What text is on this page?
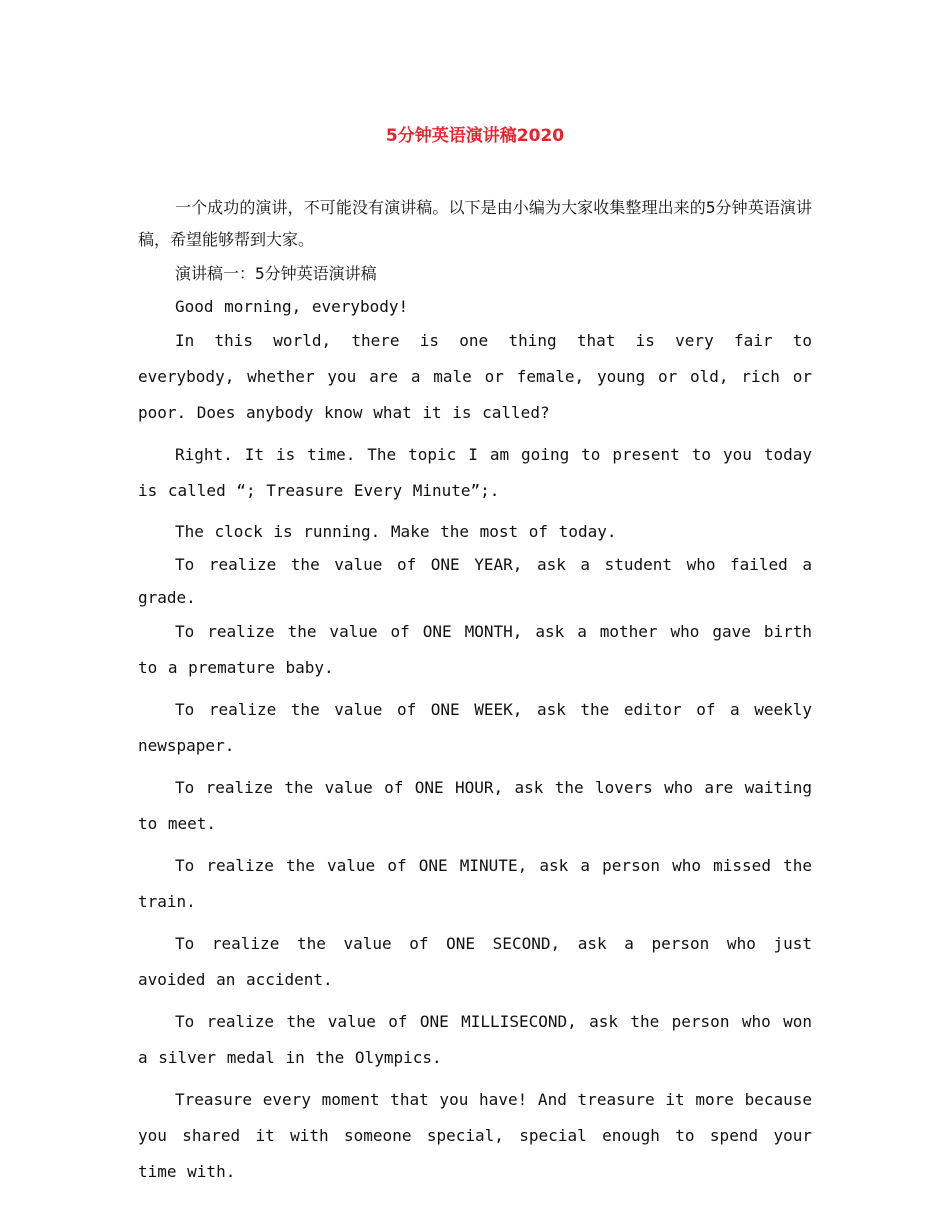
5分钟英语演讲稿2020

一个成功的演讲，不可能没有演讲稿。以下是由小编为大家收集整理出来的5分钟英语演讲稿，希望能够帮到大家。

演讲稿一：5分钟英语演讲稿

Good morning, everybody!

In this world, there is one thing that is very fair to everybody, whether you are a male or female, young or old, rich or poor. Does anybody know what it is called?

Right. It is time. The topic I am going to present to you today is called “; Treasure Every Minute”;.

The clock is running. Make the most of today.

To realize the value of ONE YEAR, ask a student who failed a grade.

To realize the value of ONE MONTH, ask a mother who gave birth to a premature baby.

To realize the value of ONE WEEK, ask the editor of a weekly newspaper.

To realize the value of ONE HOUR, ask the lovers who are waiting to meet.

To realize the value of ONE MINUTE, ask a person who missed the train.

To realize the value of ONE SECOND, ask a person who just avoided an accident.

To realize the value of ONE MILLISECOND, ask the person who won a silver medal in the Olympics.

Treasure every moment that you have! And treasure it more because you shared it with someone special, special enough to spend your time with.
